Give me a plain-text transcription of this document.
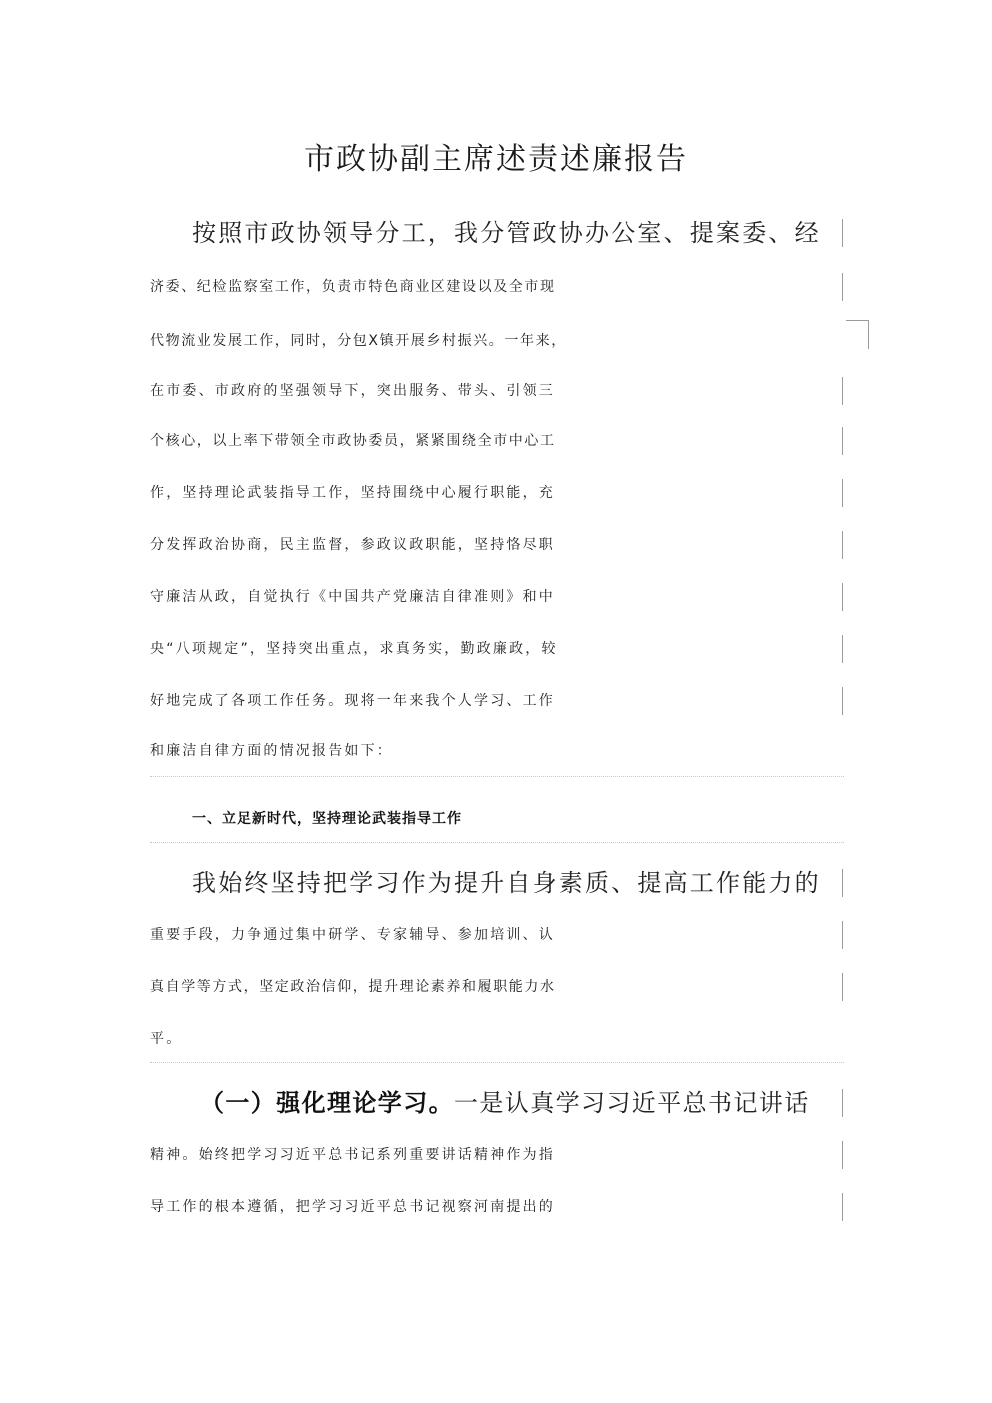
市政协副主席述责述廉报告
按照市政协领导分工，我分管政协办公室、提案委、经
济委、纪检监察室工作，负责市特色商业区建设以及全市现
代物流业发展工作，同时，分包X镇开展乡村振兴。一年来，
在市委、市政府的坚强领导下，突出服务、带头、引领三
个核心，以上率下带领全市政协委员，紧紧围绕全市中心工
作，坚持理论武装指导工作，坚持围绕中心履行职能，充
分发挥政治协商，民主监督，参政议政职能，坚持恪尽职
守廉洁从政，自觉执行《中国共产党廉洁自律准则》和中
央“八项规定”，坚持突出重点，求真务实，勤政廉政，较
好地完成了各项工作任务。现将一年来我个人学习、工作
和廉洁自律方面的情况报告如下：
一、立足新时代，坚持理论武装指导工作
我始终坚持把学习作为提升自身素质、提高工作能力的
重要手段，力争通过集中研学、专家辅导、参加培训、认
真自学等方式，坚定政治信仰，提升理论素养和履职能力水
平。
（一）强化理论学习。一是认真学习习近平总书记讲话
精神。始终把学习习近平总书记系列重要讲话精神作为指
导工作的根本遵循，把学习习近平总书记视察河南提出的
